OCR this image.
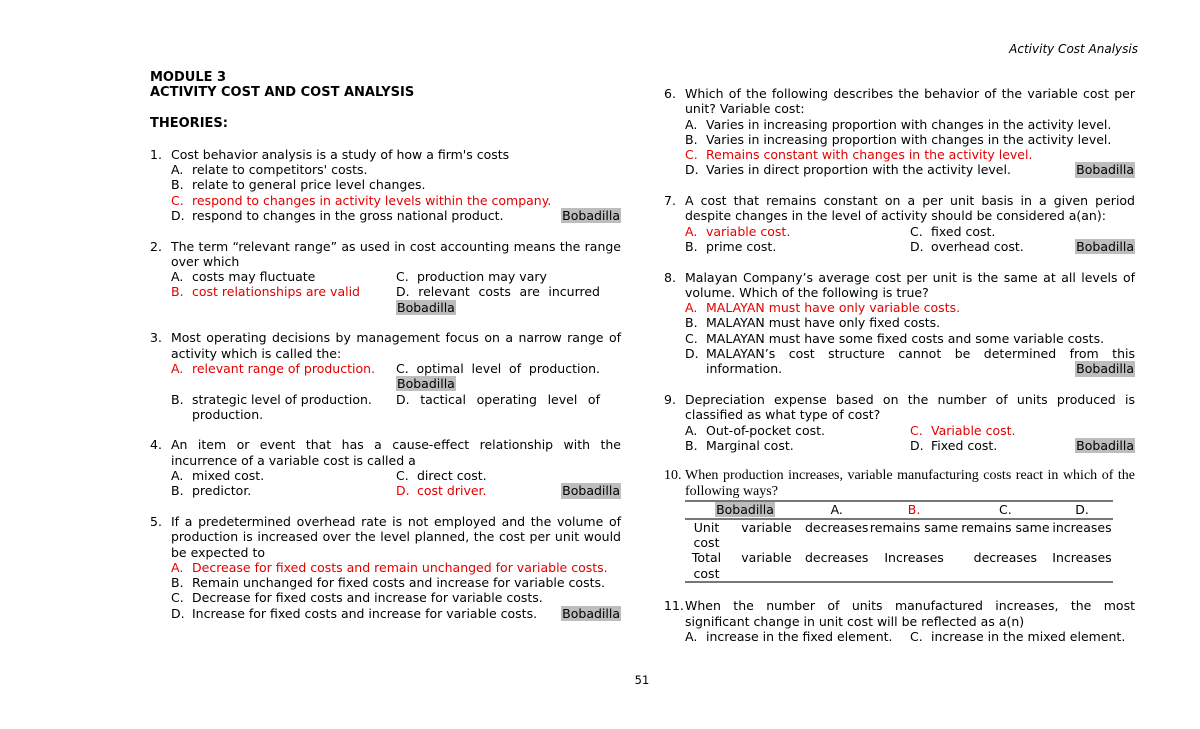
Activity Cost Analysis
MODULE 3
ACTIVITY COST AND COST ANALYSIS
THEORIES:
1. Cost behavior analysis is a study of how a firm's costs
A. relate to competitors' costs.
B. relate to general price level changes.
C. respond to changes in activity levels within the company.
D. respond to changes in the gross national product.	Bobadilla
2. The term “relevant range” as used in cost accounting means the range over which
A. costs may fluctuate	C. production may vary
B. cost relationships are valid	D. relevant costs are incurred
Bobadilla
3. Most operating decisions by management focus on a narrow range of activity which is called the:
A. relevant range of production.	C. optimal level of production.
Bobadilla
B. strategic level of production.	D. tactical operating level of
production.
4. An item or event that has a cause-effect relationship with the incurrence of a variable cost is called a
A. mixed cost.	C. direct cost.
B. predictor.	D. cost driver.	Bobadilla
5. If a predetermined overhead rate is not employed and the volume of production is increased over the level planned, the cost per unit would be expected to
A. Decrease for fixed costs and remain unchanged for variable costs.
B. Remain unchanged for fixed costs and increase for variable costs.
C. Decrease for fixed costs and increase for variable costs.
D. Increase for fixed costs and increase for variable costs. Bobadilla
6. Which of the following describes the behavior of the variable cost per unit? Variable cost:
A. Varies in increasing proportion with changes in the activity level.
B. Varies in increasing proportion with changes in the activity level.
C. Remains constant with changes in the activity level.
D. Varies in direct proportion with the activity level.	Bobadilla
7. A cost that remains constant on a per unit basis in a given period despite changes in the level of activity should be considered a(an):
A. variable cost.	C. fixed cost.
B. prime cost.	D. overhead cost.	Bobadilla
8. Malayan Company’s average cost per unit is the same at all levels of volume. Which of the following is true?
A. MALAYAN must have only variable costs.
B. MALAYAN must have only fixed costs.
C. MALAYAN must have some fixed costs and some variable costs.
D. MALAYAN’s cost structure cannot be determined from this information.	Bobadilla
9. Depreciation expense based on the number of units produced is classified as what type of cost?
A. Out-of-pocket cost.	C. Variable cost.
B. Marginal cost.	D. Fixed cost.	Bobadilla
10. When production increases, variable manufacturing costs react in which of the following ways?
Bobadilla		A.	B.	C.	D.
Unit cost	variable	decreases	remains same	remains same	increases
Total cost	variable	decreases	Increases	decreases	Increases
11. When the number of units manufactured increases, the most significant change in unit cost will be reflected as a(n)
A. increase in the fixed element.	C. increase in the mixed element.
51
